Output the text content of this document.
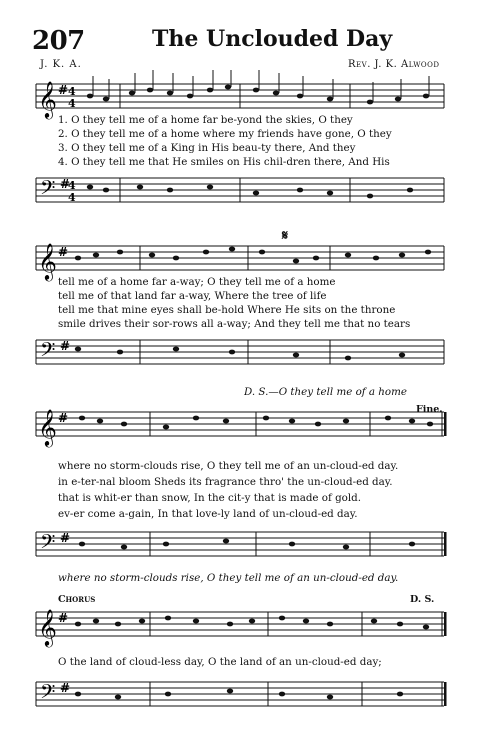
207	The Unclouded Day
J. K. A.	Rev. J. K. Alwood
𝄞 # 4
4
1. O they tell me of a home far be-yond the skies, O they
2. O they tell me of a home where my friends have gone, O they
3. O they tell me of a King in His beau-ty there, And they
4. O they tell me that He smiles on His chil-dren there, And His
𝄢 #
4
4
𝄞 #
𝄋
tell me of a home far a-way; O they tell me of a home
tell me of that land far a-way, Where the tree of life
tell me that mine eyes shall be-hold Where He sits on the throne
smile drives their sor-rows all a-way; And they tell me that no tears
𝄢 #
D. S.—O they tell me of a home
𝄞 #
Fine.
where no storm-clouds rise, O they tell me of an un-cloud-ed day.
in e-ter-nal bloom Sheds its fragrance thro' the un-cloud-ed day.
that is whit-er than snow, In the cit-y that is made of gold.
ev-er come a-gain, In that love-ly land of un-cloud-ed day.
𝄢 #
where no storm-clouds rise, O they tell me of an un-cloud-ed day.
Chorus	D. S.
𝄞 #
O the land of cloud-less day, O the land of an un-cloud-ed day;
𝄢 #
